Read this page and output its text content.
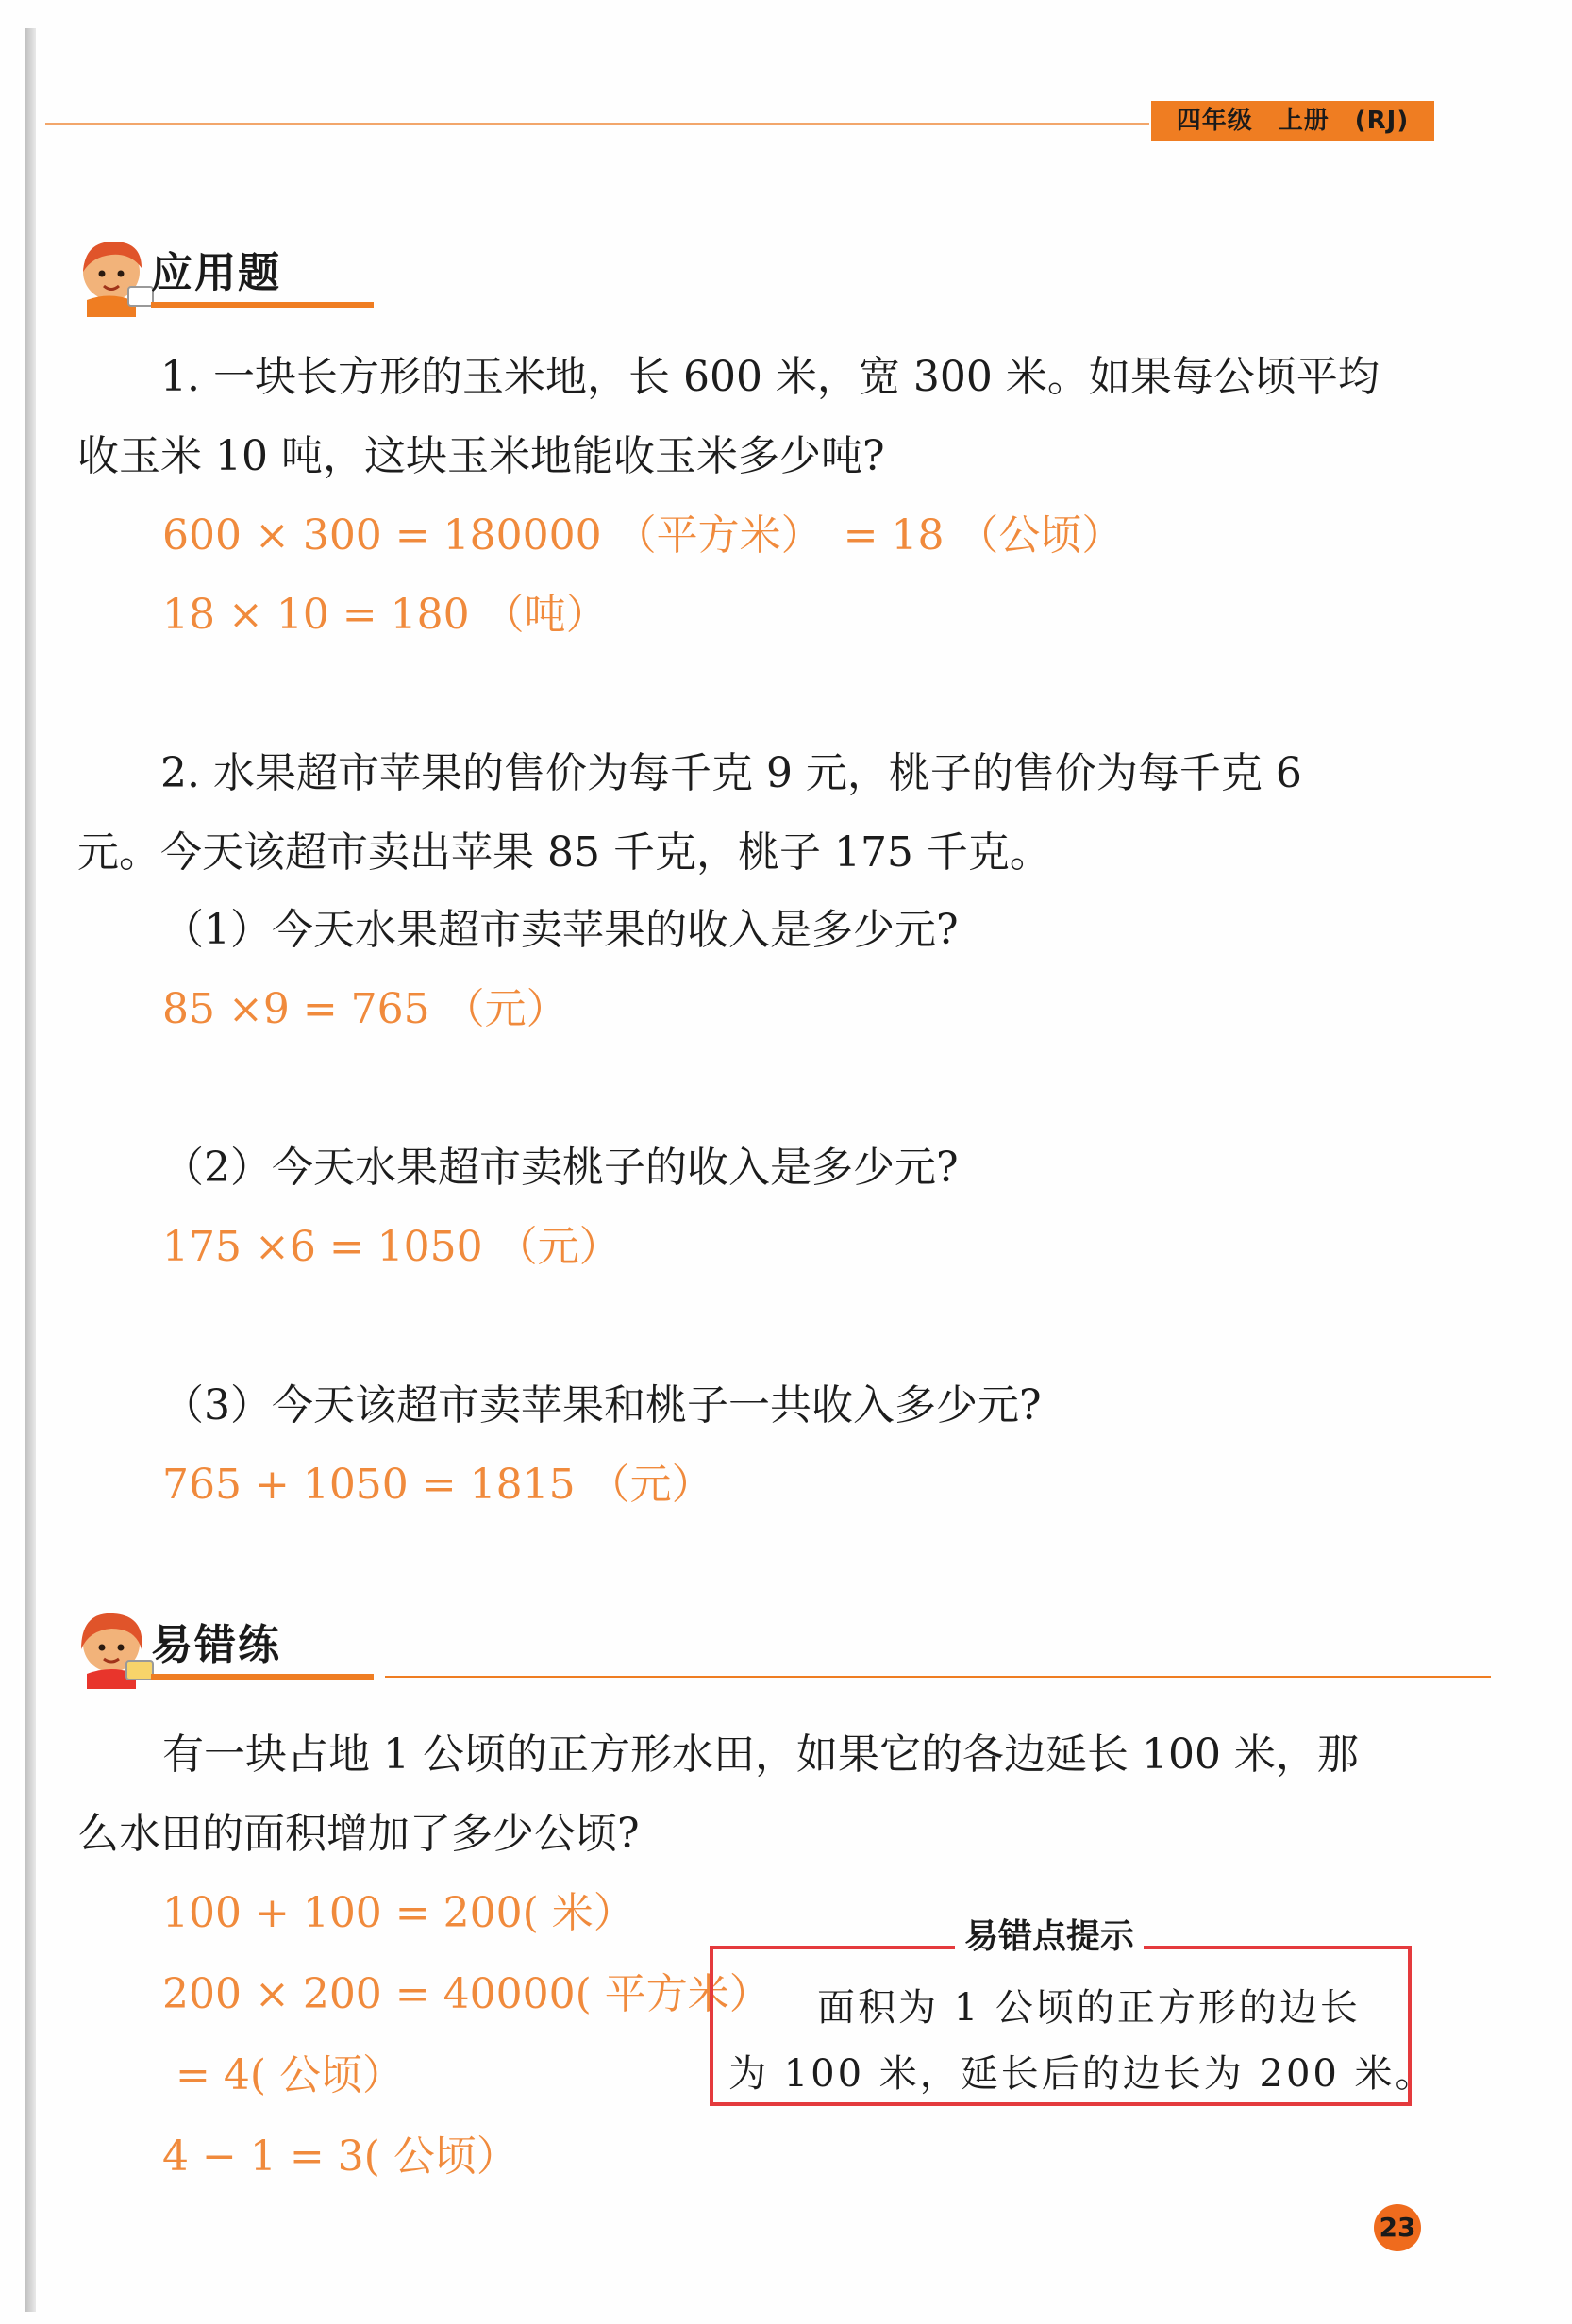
四年级　上册　(RJ)
应用题
1. 一块长方形的玉米地，长 600 米，宽 300 米。如果每公顷平均
收玉米 10 吨，这块玉米地能收玉米多少吨?
600 × 300 = 180000 （平方米）　= 18 （公顷）
18 × 10 = 180 （吨）
2. 水果超市苹果的售价为每千克 9 元，桃子的售价为每千克 6
元。今天该超市卖出苹果 85 千克，桃子 175 千克。
（1）今天水果超市卖苹果的收入是多少元?
85 ×9 = 765 （元）
（2）今天水果超市卖桃子的收入是多少元?
175 ×6 = 1050 （元）
（3）今天该超市卖苹果和桃子一共收入多少元?
765 + 1050 = 1815 （元）
易错练
有一块占地 1 公顷的正方形水田，如果它的各边延长 100 米，那
么水田的面积增加了多少公顷?
100 + 100 = 200( 米）
200 × 200 = 40000( 平方米）
= 4( 公顷）
4 − 1 = 3( 公顷）
易错点提示
面积为 1 公顷的正方形的边长
为 100 米，延长后的边长为 200 米。
23
